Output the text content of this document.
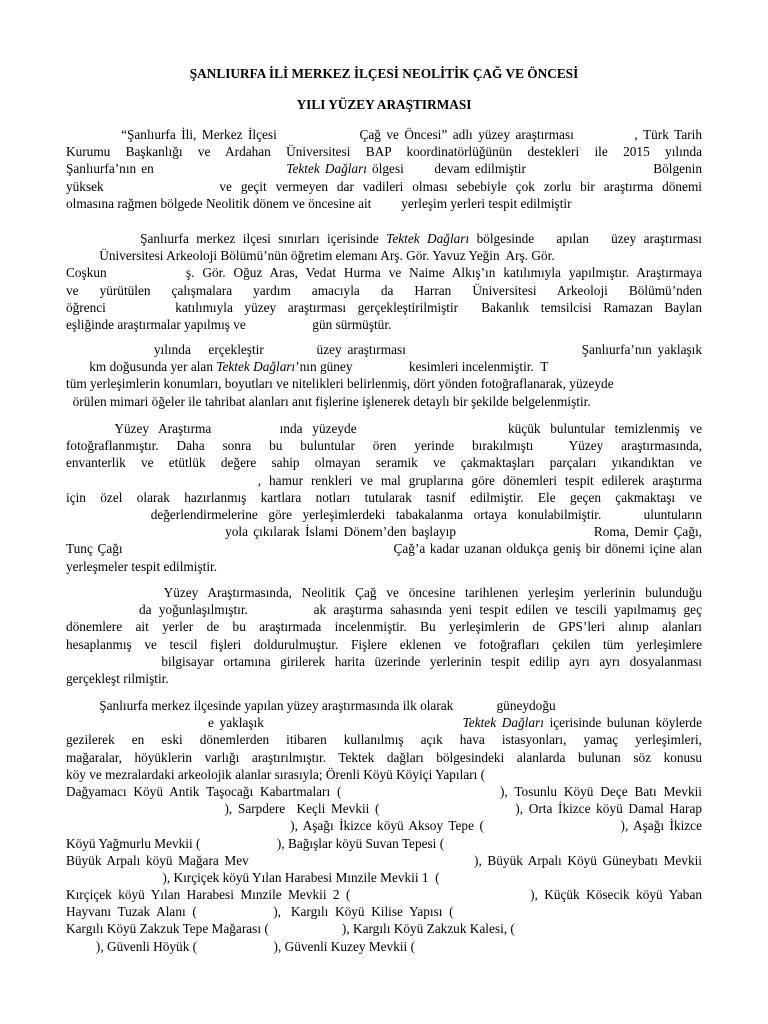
ŞANLIURFA İLİ MERKEZ İLÇESİ NEOLİTİK ÇAĞ VE ÖNCESİ
YILI YÜZEY ARAŞTIRMASI
“Şanlıurfa İli, Merkez İlçesi               Çağ ve Öncesi” adlı yüzey araştırması           , Türk Tarih
Kurumu Başkanlığı ve Ardahan Üniversitesi BAP koordinatörlüğünün destekleri ile 2015 yılında
Şanlıurfa’nın en                          Tektek Dağları ölgesi      devam edilmiştir                         Bölgenin
yüksek             ve geçit vermeyen dar vadileri olması sebebiyle çok zorlu bir araştırma dönemi
olmasına rağmen bölgede Neolitik dönem ve öncesine ait         yerleşim yerleri tespit edilmiştir
Şanlıurfa merkez ilçesi sınırları içerisinde Tektek Dağları bölgesinde   apılan   üzey araştırması
Üniversitesi Arkeoloji Bölümü’nün öğretim elemanı Arş. Gör. Yavuz Yeğin  Arş. Gör.
Coşkun          ş. Gör. Oğuz Aras, Vedat Hurma ve Naime Alkış’ın katılımıyla yapılmıştır. Araştırmaya
ve yürütülen çalışmalara yardım amacıyla da Harran Üniversitesi Arkeoloji Bölümü’nden
öğrenci      katılımıyla yüzey araştırması gerçekleştirilmiştir  Bakanlık temsilcisi Ramazan Baylan
eşliğinde araştırmalar yapılmış ve                    gün sürmüştür.
yılında   erçekleştir         üzey araştırması                              Şanlıurfa’nın yaklaşık
km doğusunda yer alan Tektek Dağları’nın güney                 kesimleri incelenmiştir.  T
tüm yerleşimlerin konumları, boyutları ve nitelikleri belirlenmiş, dört yönden fotoğraflanarak, yüzeyde
örülen mimari öğeler ile tahribat alanları anıt fişlerine işlenerek detaylı bir şekilde belgelenmiştir.
Yüzey  Araştırma              ında  yüzeyde                               küçük  buluntular  temizlenmiş  ve
fotoğraflanmıştır. Daha sonra bu buluntular ören yerinde bırakılmıştı  Yüzey araştırmasında,
envanterlik ve etütlük değere sahip olmayan seramik ve çakmaktaşları parçaları yıkandıktan ve
, hamur renkleri ve mal gruplarına göre dönemleri tespit edilerek araştırma
için özel olarak hazırlanmış kartlara notları tutularak tasnif edilmiştir. Ele geçen çakmaktaşı ve
değerlendirmelerine göre yerleşimlerdeki tabakalanma ortaya konulabilmiştir.    uluntuların
yola çıkılarak İslami Dönem’den başlayıp                          Roma, Demir Çağı,
Tunç Çağı                                                           Çağ’a kadar uzanan oldukça geniş bir dönemi içine alan
yerleşmeler tespit edilmiştir.
Yüzey Araştırmasında, Neolitik Çağ ve öncesine tarihlenen yerleşim yerlerinin bulunduğu
da yoğunlaşılmıştır.         ak araştırma sahasında yeni tespit edilen ve tescili yapılmamış geç
dönemlere ait yerler de bu araştırmada incelenmiştir. Bu yerleşimlerin de GPS’leri alınıp alanları
hesaplanmış ve tescil fişleri doldurulmuştur. Fişlere eklenen ve fotoğrafları çekilen tüm yerleşimlere
bilgisayar ortamına girilerek harita üzerinde yerlerinin tespit edilip ayrı ayrı dosyalanması
gerçekleşt rilmiştir.
Şanlıurfa merkez ilçesinde yapılan yüzey araştırmasında ilk olarak             güneydoğu
e yaklaşık                                   Tektek Dağları içerisinde bulunan köylerde
gezilerek en eski dönemlerden itibaren kullanılmış açık hava istasyonları, yamaç yerleşimleri,
mağaralar, höyüklerin varlığı araştırılmıştır. Tektek dağları bölgesindeki alanlarda bulunan söz konusu
köy ve mezralardaki arkeolojik alanlar sırasıyla; Örenli Köyü Köyiçi Yapıları (
Dağyamacı Köyü Antik Taşocağı Kabartmaları (                       ), Tosunlu Köyü Deçe Batı Mevkii
), Sarpdere  Keçli Mevkii (                        ), Orta İkizce köyü Damal Harap
), Aşağı İkizce köyü Aksoy Tepe (                         ), Aşağı İkizce
Köyü Yağmurlu Mevkii (                       ), Bağışlar köyü Suvan Tepesi (
Büyük Arpalı köyü Mağara Mev                                        ), Büyük Arpalı Köyü Güneybatı Mevkii
), Kırçiçek köyü Yılan Harabesi Mınzile Mevkii 1  (
Kırçiçek köyü Yılan Harabesi Mınzile Mevkii 2 (                            ), Küçük Kösecik köyü Yaban
Hayvanı  Tuzak  Alanı  (                       ),   Kargılı  Köyü  Kilise  Yapısı  (
Kargılı Köyü Zakzuk Tepe Mağarası (                      ), Kargılı Köyü Zakzuk Kalesi, (
), Güvenli Höyük (                       ), Güvenli Kuzey Mevkii (
